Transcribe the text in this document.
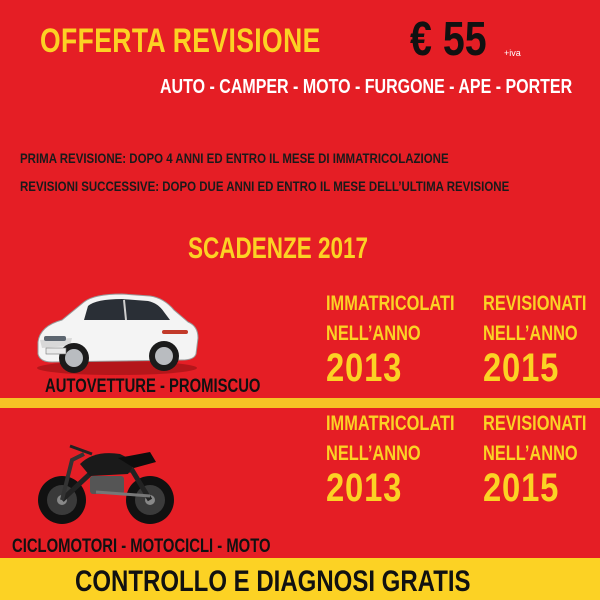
OFFERTA REVISIONE € 55 +iva
AUTO - CAMPER - MOTO - FURGONE - APE - PORTER
PRIMA REVISIONE: DOPO 4 ANNI ED ENTRO IL MESE DI IMMATRICOLAZIONE
REVISIONI SUCCESSIVE: DOPO DUE ANNI ED ENTRO IL MESE DELL’ULTIMA REVISIONE
SCADENZE 2017
AUTOVETTURE - PROMISCUO
IMMATRICOLATI
NELL’ANNO
2013
REVISIONATI
NELL’ANNO
2015
CICLOMOTORI - MOTOCICLI - MOTO
IMMATRICOLATI
NELL’ANNO
2013
REVISIONATI
NELL’ANNO
2015
CONTROLLO E DIAGNOSI GRATIS
